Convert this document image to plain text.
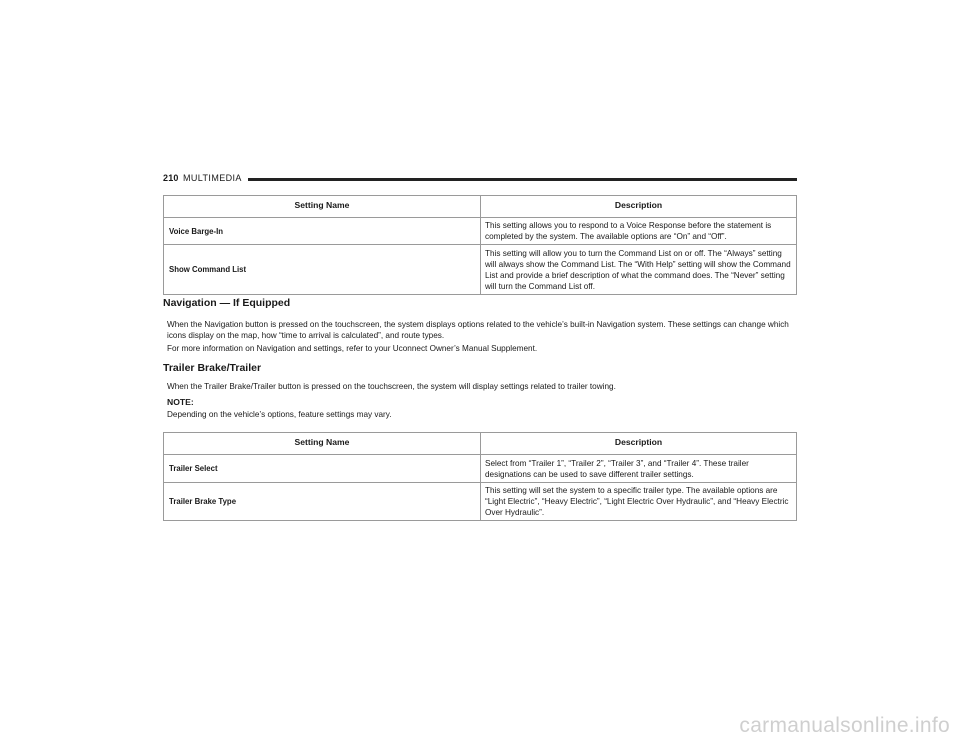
210 MULTIMEDIA
Setting Name	Description
Voice Barge-In	This setting allows you to respond to a Voice Response before the statement is completed by the system. The available options are “On” and “Off”.
Show Command List	This setting will allow you to turn the Command List on or off. The “Always” setting will always show the Command List. The “With Help” setting will show the Command List and provide a brief description of what the command does. The “Never” setting will turn the Command List off.
Navigation — If Equipped

When the Navigation button is pressed on the touchscreen, the system displays options related to the vehicle’s built-in Navigation system. These settings can change which icons display on the map, how “time to arrival is calculated”, and route types.

For more information on Navigation and settings, refer to your Uconnect Owner’s Manual Supplement.

Trailer Brake/Trailer

When the Trailer Brake/Trailer button is pressed on the touchscreen, the system will display settings related to trailer towing.

NOTE:

Depending on the vehicle’s options, feature settings may vary.

Setting Name	Description
Trailer Select	Select from “Trailer 1”, “Trailer 2”, “Trailer 3”, and “Trailer 4”. These trailer designations can be used to save different trailer settings.
Trailer Brake Type	This setting will set the system to a specific trailer type. The available options are “Light Electric”, “Heavy Electric”, “Light Electric Over Hydraulic”, and “Heavy Electric Over Hydraulic”.
carmanualsonline.info
